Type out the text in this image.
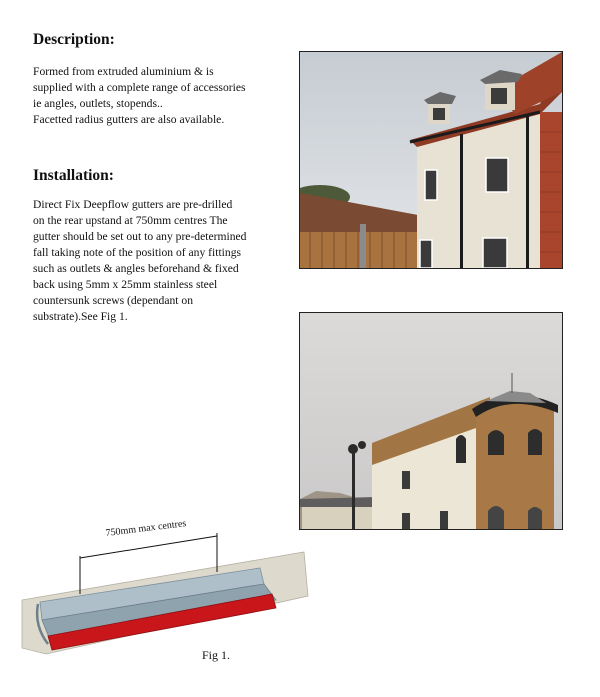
Description:

Formed from extruded aluminium & is
supplied with a complete range of accessories
ie angles, outlets, stopends..
Facetted radius gutters are also available.

Installation:

Direct Fix Deepflow gutters are pre-drilled
on the rear upstand at 750mm centres The
gutter should be set out to any pre-determined
fall taking note of the position of any fittings
such as outlets & angles beforehand & fixed
back using 5mm x 25mm stainless steel
countersunk screws (dependant on
substrate).See Fig 1.

750mm max centres
Fig 1.
